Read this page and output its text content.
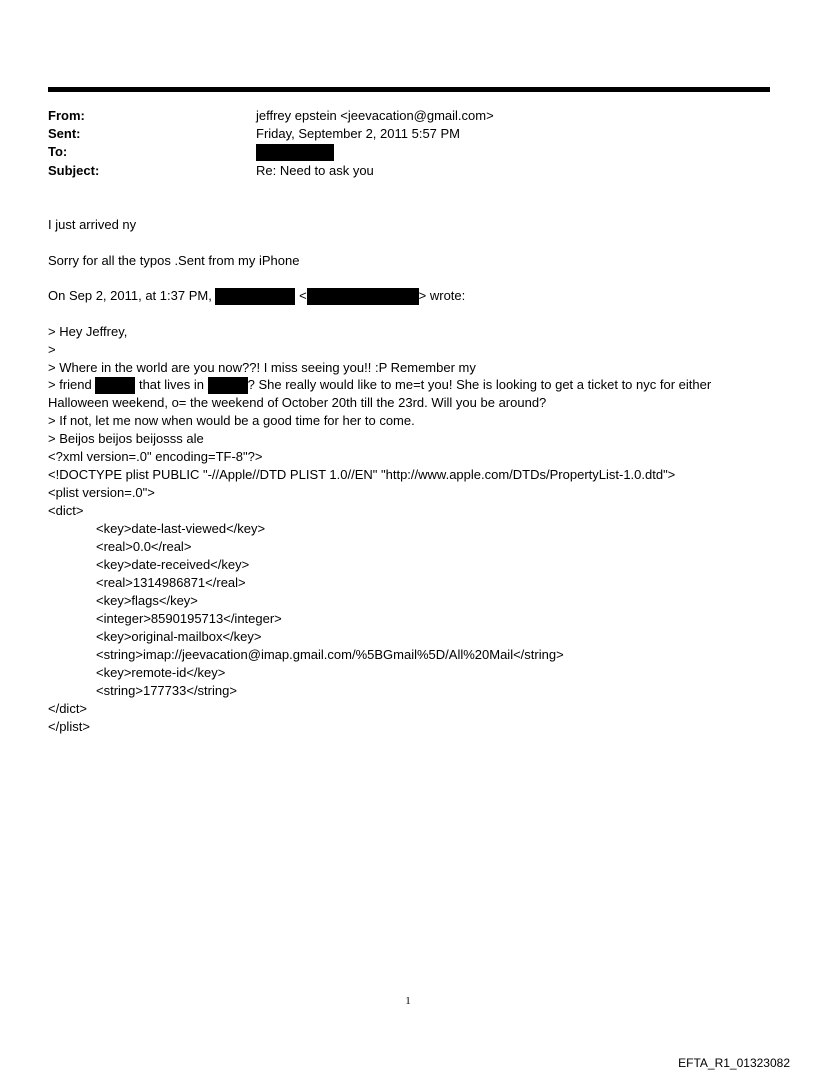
From:	jeffrey epstein <jeevacation@gmail.com>
Sent:	Friday, September 2, 2011 5:57 PM
To:
Subject:	Re: Need to ask you
I just arrived ny
Sorry for all the typos .Sent from my iPhone
On Sep 2, 2011, at 1:37 PM,	<	> wrote:
> Hey Jeffrey,
>
> Where in the world are you now??! I miss seeing you!! :P Remember my
> friend	that lives in	? She really would like to me=t you! She is looking to get a ticket to nyc for either
Halloween weekend, o= the weekend of October 20th till the 23rd. Will you be around?
> If not, let me now when would be a good time for her to come.
> Beijos beijos beijosss ale
<?xml version=.0" encoding=TF-8"?>
<!DOCTYPE plist PUBLIC "-//Apple//DTD PLIST 1.0//EN" "http://www.apple.com/DTDs/PropertyList-1.0.dtd">
<plist version=.0">
<dict>
<key>date-last-viewed</key>
<real>0.0</real>
<key>date-received</key>
<real>1314986871</real>
<key>flags</key>
<integer>8590195713</integer>
<key>original-mailbox</key>
<string>imap://jeevacation@imap.gmail.com/%5BGmail%5D/All%20Mail</string>
<key>remote-id</key>
<string>177733</string>
</dict>
</plist>
1
EFTA_R1_01323082
